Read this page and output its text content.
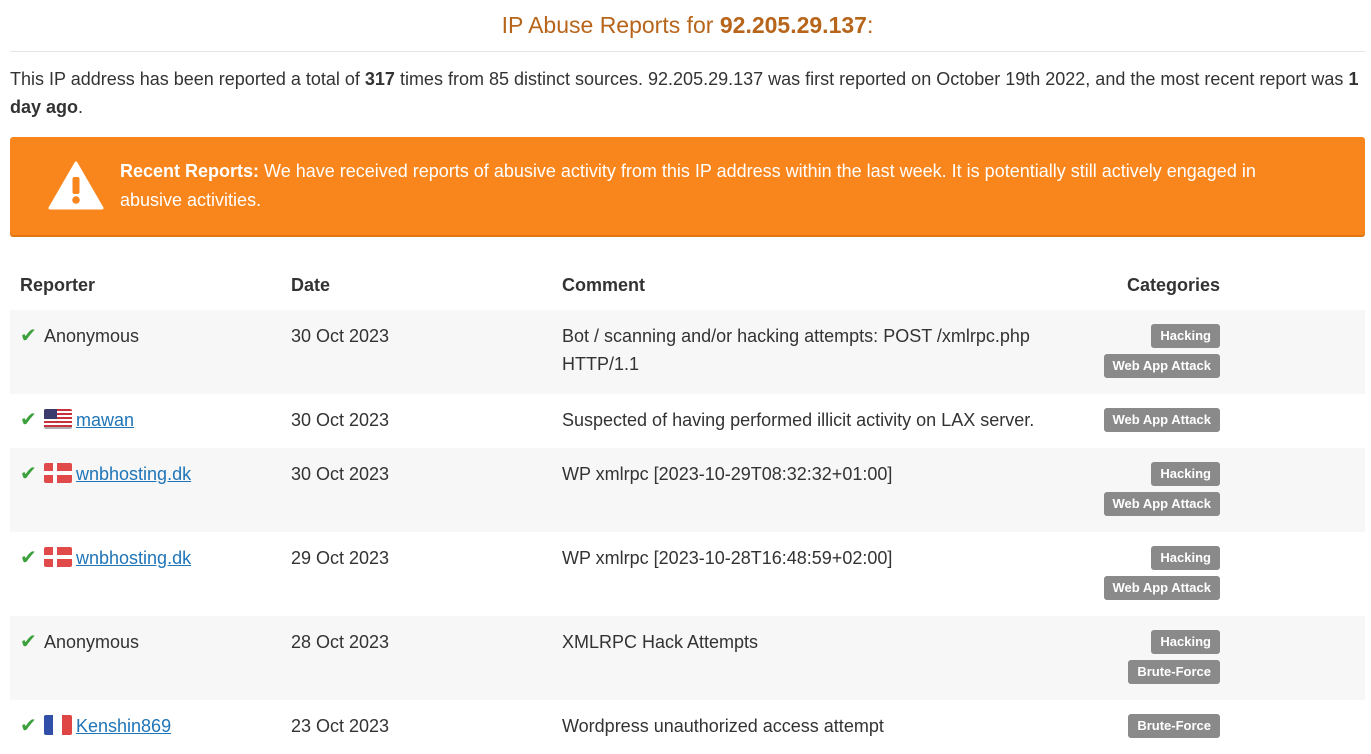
IP Abuse Reports for 92.205.29.137:

This IP address has been reported a total of 317 times from 85 distinct sources. 92.205.29.137 was first reported on October 19th 2022, and the most recent report was 1 day ago.

Recent Reports: We have received reports of abusive activity from this IP address within the last week. It is potentially still actively engaged in abusive activities.
Reporter	Date	Comment	Categories
✔ Anonymous	30 Oct 2023	Bot / scanning and/or hacking attempts: POST /xmlrpc.php HTTP/1.1	Hacking
Web App Attack

✔ mawan	30 Oct 2023	Suspected of having performed illicit activity on LAX server.	Web App Attack

✔ wnbhosting.dk	30 Oct 2023	WP xmlrpc [2023-10-29T08:32:32+01:00]	Hacking
Web App Attack

✔ wnbhosting.dk	29 Oct 2023	WP xmlrpc [2023-10-28T16:48:59+02:00]	Hacking
Web App Attack

✔ Anonymous	28 Oct 2023	XMLRPC Hack Attempts	Hacking
Brute-Force

✔ Kenshin869	23 Oct 2023	Wordpress unauthorized access attempt	Brute-Force
